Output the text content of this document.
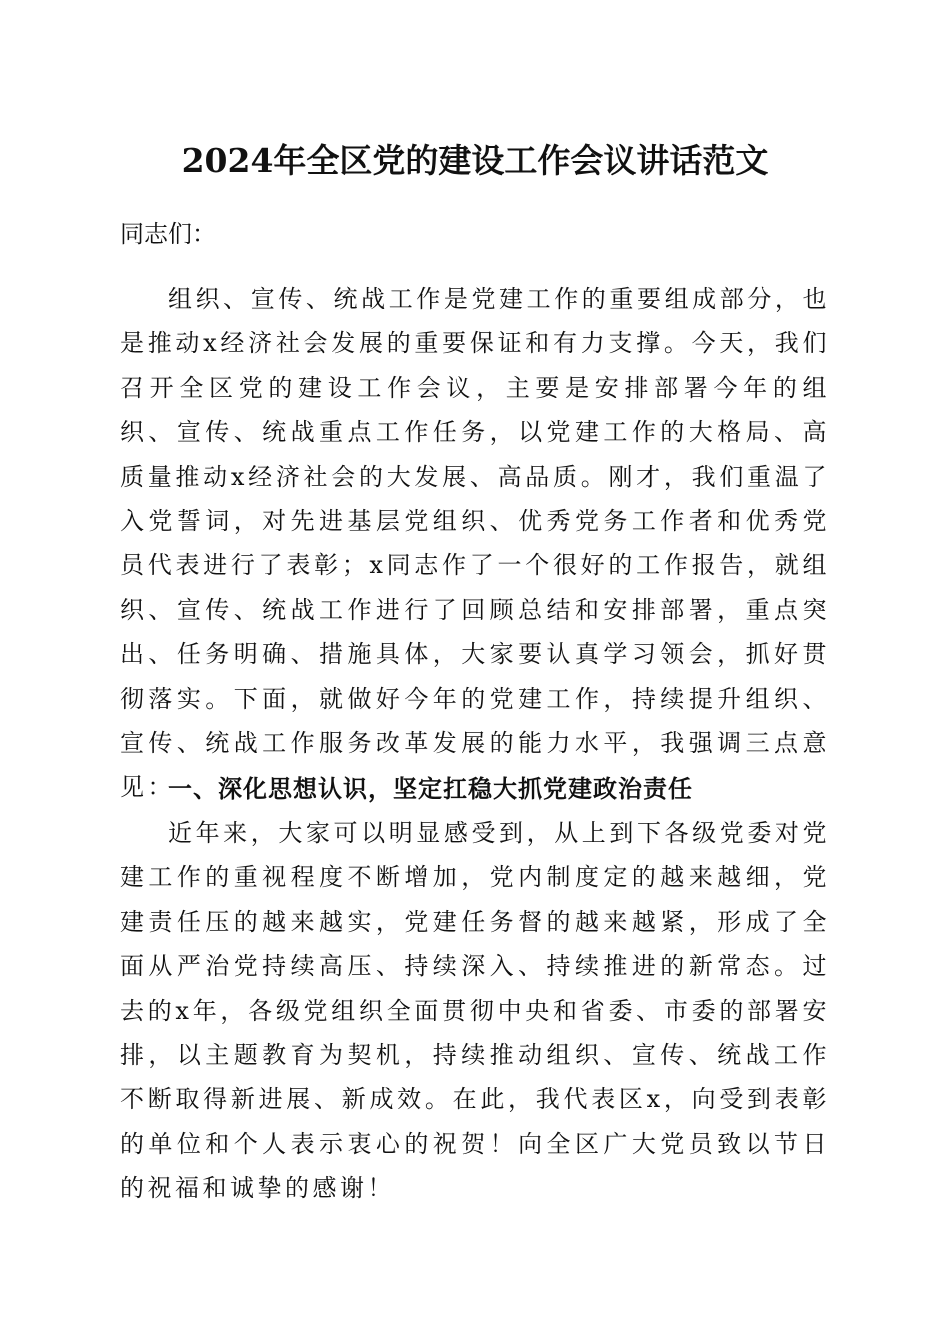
2024年全区党的建设工作会议讲话范文
同志们：

组织、宣传、统战工作是党建工作的重要组成部分，也是推动x经济社会发展的重要保证和有力支撑。今天，我们召开全区党的建设工作会议，主要是安排部署今年的组织、宣传、统战重点工作任务，以党建工作的大格局、高质量推动x经济社会的大发展、高品质。刚才，我们重温了入党誓词，对先进基层党组织、优秀党务工作者和优秀党员代表进行了表彰；x同志作了一个很好的工作报告，就组织、宣传、统战工作进行了回顾总结和安排部署，重点突出、任务明确、措施具体，大家要认真学习领会，抓好贯彻落实。下面，就做好今年的党建工作，持续提升组织、宣传、统战工作服务改革发展的能力水平，我强调三点意见：

一、深化思想认识，坚定扛稳大抓党建政治责任

近年来，大家可以明显感受到，从上到下各级党委对党建工作的重视程度不断增加，党内制度定的越来越细，党建责任压的越来越实，党建任务督的越来越紧，形成了全面从严治党持续高压、持续深入、持续推进的新常态。过去的x年，各级党组织全面贯彻中央和省委、市委的部署安排，以主题教育为契机，持续推动组织、宣传、统战工作不断取得新进展、新成效。在此，我代表区x，向受到表彰的单位和个人表示衷心的祝贺！向全区广大党员致以节日的祝福和诚挚的感谢！
